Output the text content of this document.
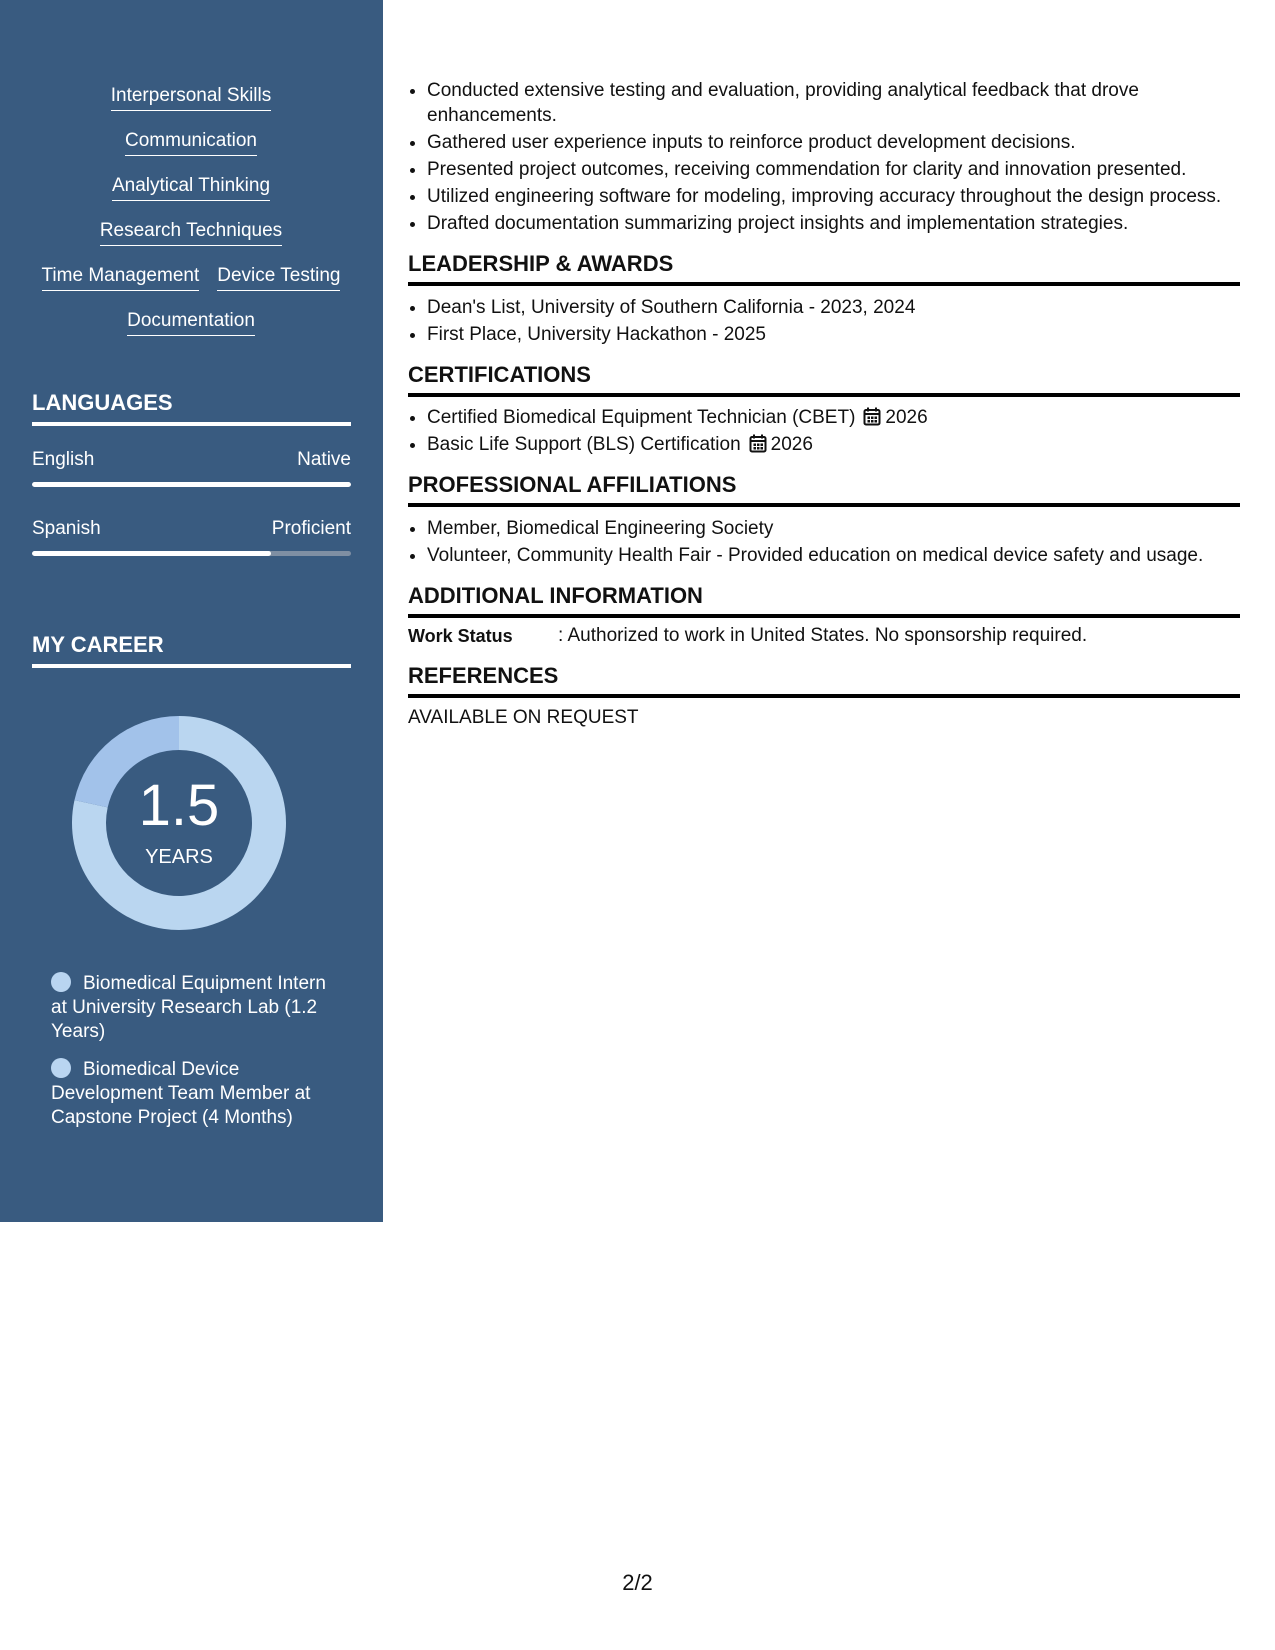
Interpersonal Skills
Communication
Analytical Thinking
Research Techniques
Time Management Device Testing
Documentation
LANGUAGES
English	Native
Spanish	Proficient
MY CAREER
1.5
YEARS
Biomedical Equipment Intern at University Research Lab (1.2 Years)
Biomedical Device Development Team Member at Capstone Project (4 Months)
• Conducted extensive testing and evaluation, providing analytical feedback that drove enhancements.
• Gathered user experience inputs to reinforce product development decisions.
• Presented project outcomes, receiving commendation for clarity and innovation presented.
• Utilized engineering software for modeling, improving accuracy throughout the design process.
• Drafted documentation summarizing project insights and implementation strategies.
LEADERSHIP & AWARDS
• Dean's List, University of Southern California - 2023, 2024
• First Place, University Hackathon - 2025
CERTIFICATIONS
• Certified Biomedical Equipment Technician (CBET) 2026
• Basic Life Support (BLS) Certification 2026
PROFESSIONAL AFFILIATIONS
• Member, Biomedical Engineering Society
• Volunteer, Community Health Fair - Provided education on medical device safety and usage.
ADDITIONAL INFORMATION
Work Status	: Authorized to work in United States. No sponsorship required.
REFERENCES
AVAILABLE ON REQUEST
2/2
